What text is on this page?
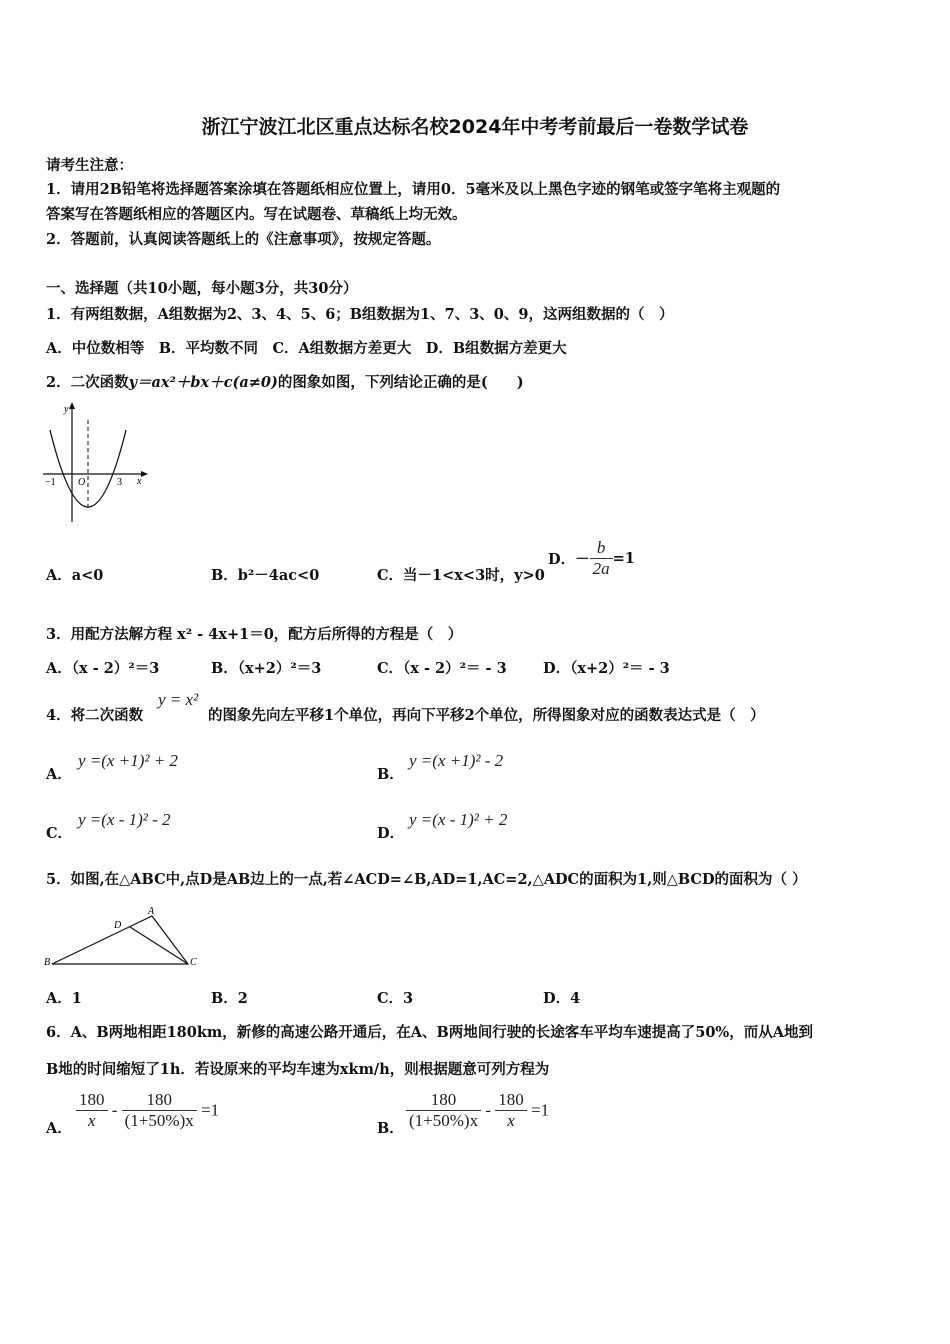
浙江宁波江北区重点达标名校2024年中考考前最后一卷数学试卷
请考生注意：
1．请用2B铅笔将选择题答案涂填在答题纸相应位置上，请用0．5毫米及以上黑色字迹的钢笔或签字笔将主观题的
答案写在答题纸相应的答题区内。写在试题卷、草稿纸上均无效。
2．答题前，认真阅读答题纸上的《注意事项》，按规定答题。
一、选择题（共10小题，每小题3分，共30分）
1．有两组数据，A组数据为2、3、4、5、6；B组数据为1、7、3、0、9，这两组数据的（　）
A．中位数相等　B．平均数不同　C．A组数据方差更大　D．B组数据方差更大
2．二次函数y＝ax²＋bx＋c(a≠0)的图象如图，下列结论正确的是(　　)
y
x
O
−1	3
A．a<0	B．b²－4ac<0	C．当－1<x<3时，y>0
D．－ $\frac{b}{2a} =1$
3．用配方法解方程 x² - 4x+1＝0，配方后所得的方程是（　）
A．（x - 2）²＝3	B．（x+2）²＝3	C．（x - 2）²＝ - 3	D．（x+2）²＝ - 3
4．将二次函数
y = x²
的图象先向左平移1个单位，再向下平移2个单位，所得图象对应的函数表达式是（　）
A．
y =(x +1)² + 2
B．
y =(x +1)² - 2
C．
y =(x - 1)² - 2
D．
y =(x - 1)² + 2
5．如图,在△ABC中,点D是AB边上的一点,若∠ACD=∠B,AD=1,AC=2,△ADC的面积为1,则△BCD的面积为（ ）
A
B	C
D
A．1	B．2	C．3	D．4
6．A、B两地相距180km，新修的高速公路开通后，在A、B两地间行驶的长途客车平均车速提高了50%，而从A地到
B地的时间缩短了1h．若设原来的平均车速为xkm/h，则根据题意可列方程为
A． $\frac{180}{x} - \frac{180}{(1+50\%)x} =1$
B． $\frac{180}{(1+50\%)x} - \frac{180}{x} =1$
